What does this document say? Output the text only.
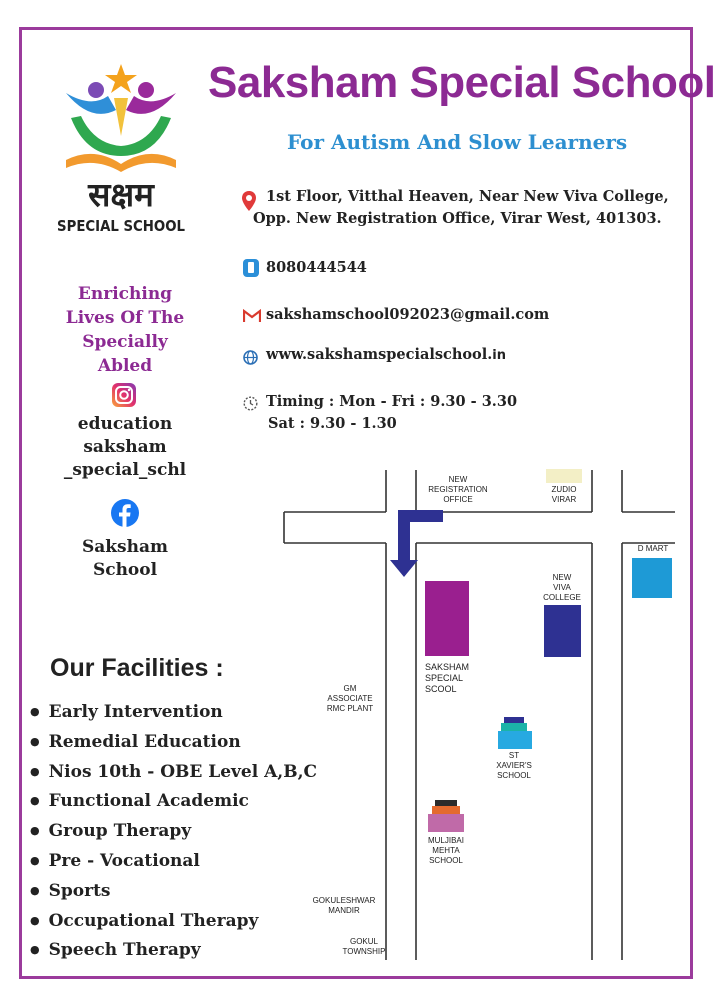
सक्षम
SPECIAL SCHOOL
Saksham Special School
For Autism And Slow Learners
1st Floor, Vitthal Heaven, Near New Viva College,
Opp. New Registration Office, Virar West, 401303.
8080444544
sakshamschool092023@gmail.com
www.sakshamspecialschool.in
Timing : Mon - Fri : 9.30 - 3.30
Sat : 9.30 - 1.30
Enriching
Lives Of The
Specially
Abled
education
saksham
_special_schl
Saksham
School
Our Facilities :
● Early Intervention
● Remedial Education
● Nios 10th - OBE Level A,B,C
● Functional Academic
● Group Therapy
● Pre - Vocational
● Sports
● Occupational Therapy
● Speech Therapy
NEW REGISTRATION OFFICE
ZUDIO VIRAR
D MART
NEW VIVA COLLEGE
SAKSHAM SPECIAL SCOOL
GM ASSOCIATE RMC PLANT
ST XAVIER'S SCHOOL
MULJIBAI MEHTA SCHOOL
GOKULESHWAR MANDIR
GOKUL TOWNSHIP
